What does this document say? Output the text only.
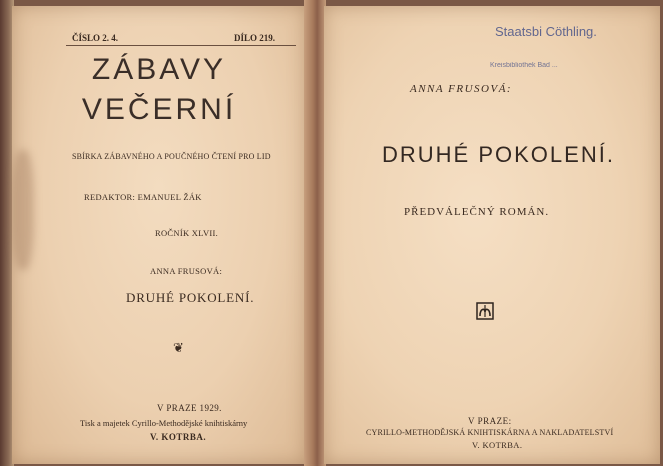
ČÍSLO 2. 4.	DÍLO 219.
ZÁBAVY
VEČERNÍ
SBÍRKA ZÁBAVNÉHO A POUČNÉHO ČTENÍ PRO LID
REDAKTOR: EMANUEL ŽÁK
ROČNÍK XLVII.
ANNA FRUSOVÁ:
DRUHÉ POKOLENÍ.
❦
V PRAZE 1929.
Tisk a majetek Cyrillo-Methodějské knihtiskárny
V. KOTRBA.
Staatsbi Cöthling.
Kreisbibliothek Bad ...
ANNA FRUSOVÁ:
DRUHÉ POKOLENÍ.
PŘEDVÁLEČNÝ ROMÁN.
V PRAZE:
CYRILLO-METHODĚJSKÁ KNIHTISKÁRNA A NAKLADATELSTVÍ
V. KOTRBA.
